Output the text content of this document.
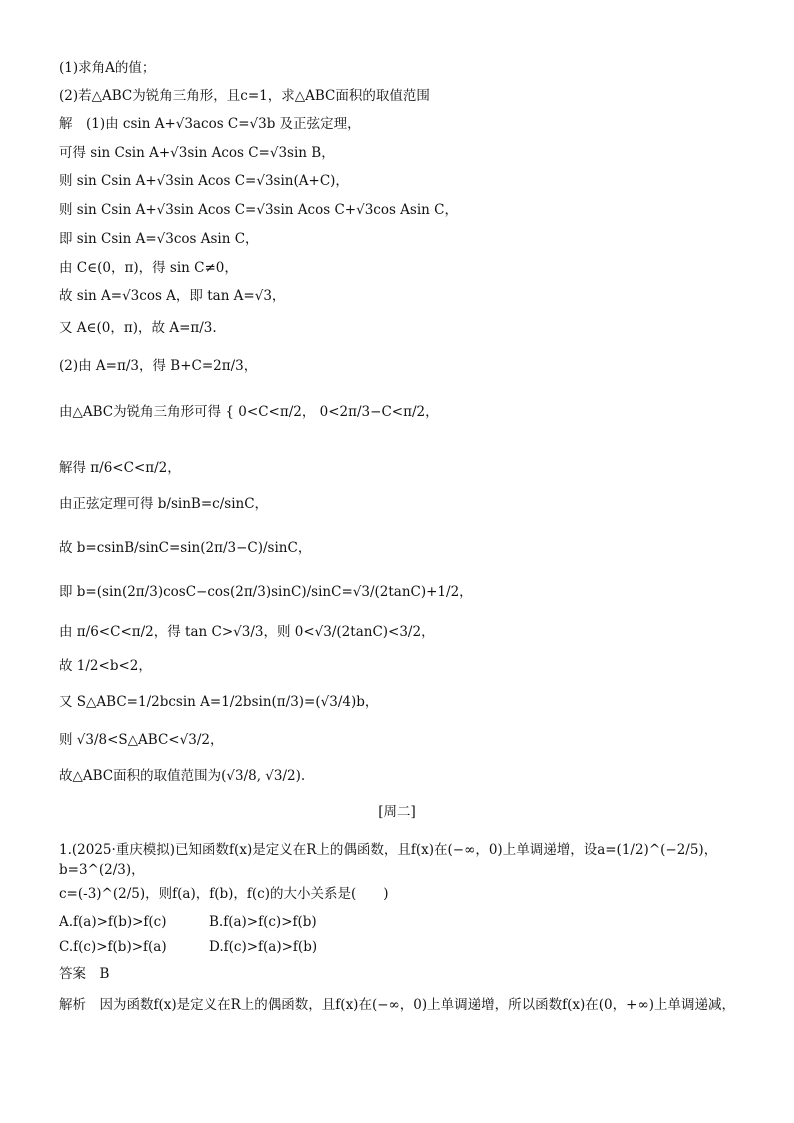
(1)求角A的值；
(2)若△ABC为锐角三角形，且c=1，求△ABC面积的取值范围
解　(1)由 csin A+√3acos C=√3b 及正弦定理，
可得 sin Csin A+√3sin Acos C=√3sin B，
则 sin Csin A+√3sin Acos C=√3sin(A+C)，
则 sin Csin A+√3sin Acos C=√3sin Acos C+√3cos Asin C，
即 sin Csin A=√3cos Asin C，
由 C∈(0，π)，得 sin C≠0，
故 sin A=√3cos A，即 tan A=√3，
又 A∈(0，π)，故 A=π/3.
(2)由 A=π/3，得 B+C=2π/3，
由△ABC为锐角三角形可得 { 0<C<π/2， 0<2π/3−C<π/2，
解得 π/6<C<π/2，
由正弦定理可得 b/sinB=c/sinC，
故 b=csinB/sinC=sin(2π/3−C)/sinC，
即 b=(sin(2π/3)cosC−cos(2π/3)sinC)/sinC=√3/(2tanC)+1/2，
由 π/6<C<π/2，得 tan C>√3/3，则 0<√3/(2tanC)<3/2，
故 1/2<b<2，
又 S△ABC=1/2bcsin A=1/2bsin(π/3)=(√3/4)b，
则 √3/8<S△ABC<√3/2，
故△ABC面积的取值范围为(√3/8, √3/2).
[周二]
1.(2025·重庆模拟)已知函数f(x)是定义在R上的偶函数，且f(x)在(−∞，0)上单调递增，设a=(1/2)^(−2/5)，b=3^(2/3)，
c=(-3)^(2/5)，则f(a)，f(b)，f(c)的大小关系是(　　)
A.f(a)>f(b)>f(c)	B.f(a)>f(c)>f(b)
C.f(c)>f(b)>f(a)	D.f(c)>f(a)>f(b)
答案　B
解析　因为函数f(x)是定义在R上的偶函数，且f(x)在(−∞，0)上单调递增，所以函数f(x)在(0，+∞)上单调递减，
